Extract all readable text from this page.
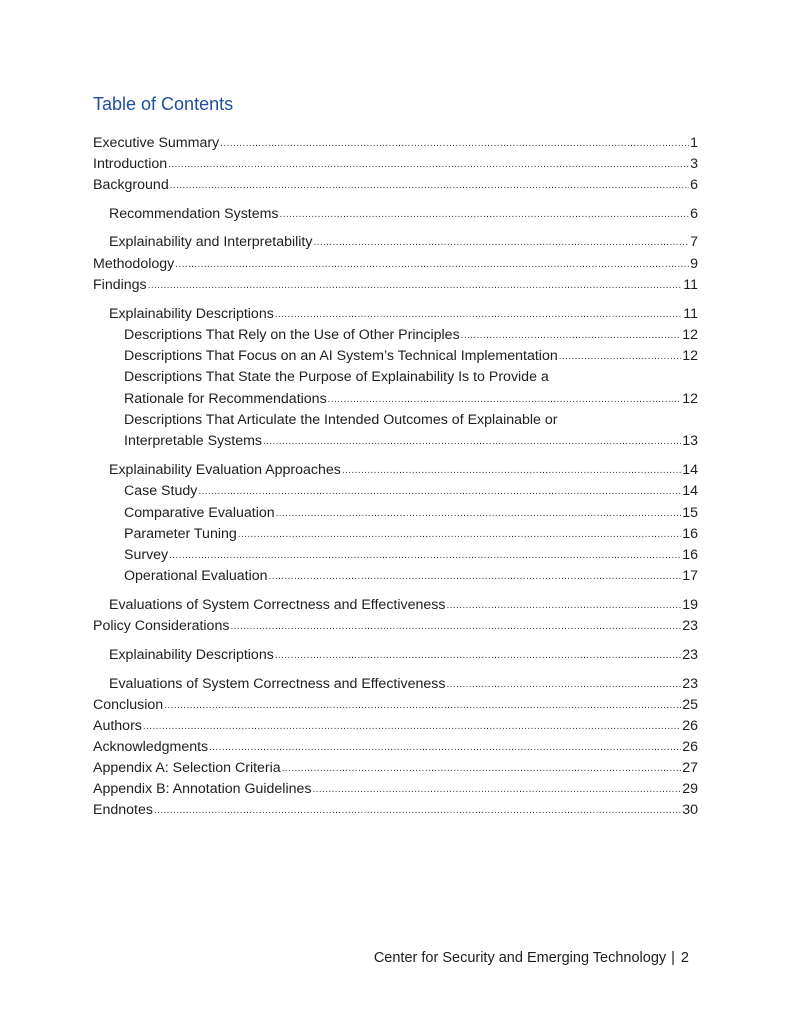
Table of Contents
Executive Summary .....	1
Introduction .....	3
Background .....	6
Recommendation Systems .....	6
Explainability and Interpretability .....	7
Methodology .....	9
Findings .....	11
Explainability Descriptions .....	11
Descriptions That Rely on the Use of Other Principles .....	12
Descriptions That Focus on an AI System’s Technical Implementation .....	12
Descriptions That State the Purpose of Explainability Is to Provide a
Rationale for Recommendations .....	12
Descriptions That Articulate the Intended Outcomes of Explainable or
Interpretable Systems .....	13
Explainability Evaluation Approaches .....	14
Case Study .....	14
Comparative Evaluation .....	15
Parameter Tuning .....	16
Survey .....	16
Operational Evaluation .....	17
Evaluations of System Correctness and Effectiveness .....	19
Policy Considerations .....	23
Explainability Descriptions .....	23
Evaluations of System Correctness and Effectiveness .....	23
Conclusion .....	25
Authors .....	26
Acknowledgments .....	26
Appendix A: Selection Criteria .....	27
Appendix B: Annotation Guidelines .....	29
Endnotes .....	30
Center for Security and Emerging Technology | 2
